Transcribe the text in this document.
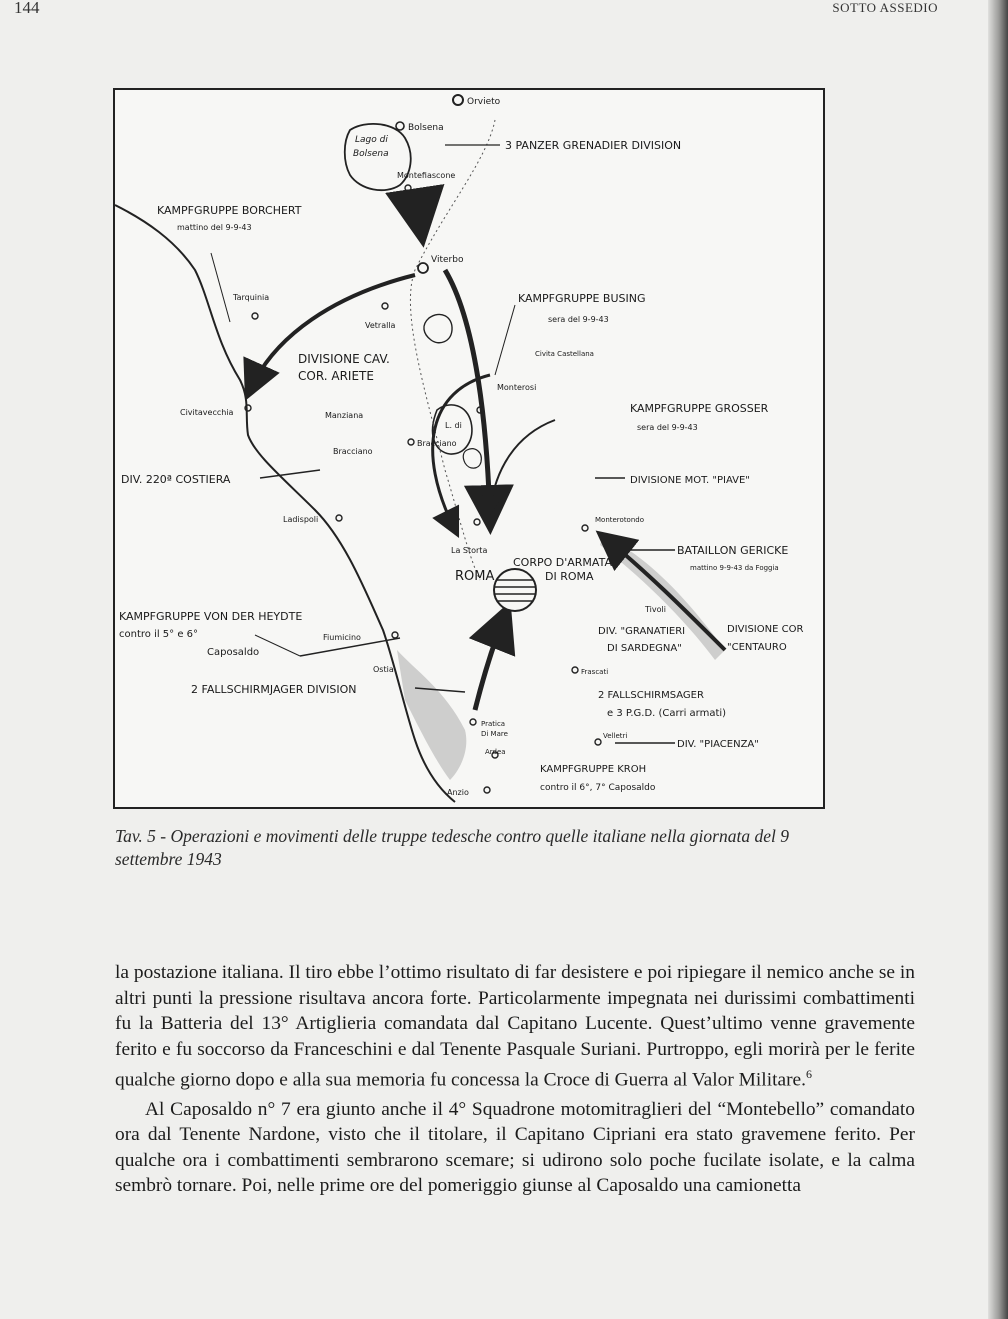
144	SOTTO ASSEDIO
Orvieto
Bolsena
Lago di
Bolsena
Montefiascone
3 PANZER GRENADIER DIVISION
KAMPFGRUPPE BORCHERT
mattino del 9-9-43
Viterbo
Tarquinia
Vetralla
KAMPFGRUPPE BUSING
sera del 9-9-43
DIVISIONE CAV.
COR. ARIETE
Civita Castellana
Monterosi
Civitavecchia	Manziana
KAMPFGRUPPE GROSSER
sera del 9-9-43
L. di
Bracciano
Bracciano
DIV. 220ª COSTIERA	DIVISIONE MOT. "PIAVE"
Ladispoli	Monterotondo
BATAILLON GERICKE
mattino 9-9-43 da Foggia
La Storta
CORPO D'ARMATA
DI ROMA
ROMA
Tivoli
KAMPFGRUPPE VON DER HEYDTE
contro il 5° e 6°
Caposaldo
Fiumicino
DIV. "GRANATIERI
DI SARDEGNA"
DIVISIONE COR
"CENTAURO
Ostia	Frascati
2 FALLSCHIRMJAGER DIVISION	2 FALLSCHIRMSAGER
e 3 P.G.D. (Carri armati)
Pratica
Di Mare
Ardea
Velletri
DIV. "PIACENZA"
KAMPFGRUPPE KROH
contro il 6°, 7° Caposaldo
Anzio
Tav. 5 - Operazioni e movimenti delle truppe tedesche contro quelle italiane nella giornata del 9 settembre 1943

la postazione italiana. Il tiro ebbe l’ottimo risultato di far desistere e poi ripiegare il nemico anche se in altri punti la pressione risultava ancora forte. Particolarmente impegnata nei durissimi combattimenti fu la Batteria del 13° Artiglieria comandata dal Capitano Lucente. Quest’ultimo venne gravemente ferito e fu soccorso da Franceschini e dal Tenente Pasquale Suriani. Purtroppo, egli morirà per le ferite qualche giorno dopo e alla sua memoria fu concessa la Croce di Guerra al Valor Militare.$^6$

Al Caposaldo n° 7 era giunto anche il 4° Squadrone motomitraglieri del “Montebello” comandato ora dal Tenente Nardone, visto che il titolare, il Capitano Cipriani era stato gravemene ferito. Per qualche ora i combattimenti sembrarono scemare; si udirono solo poche fucilate isolate, e la calma sembrò tornare. Poi, nelle prime ore del pomeriggio giunse al Caposaldo una camionetta
